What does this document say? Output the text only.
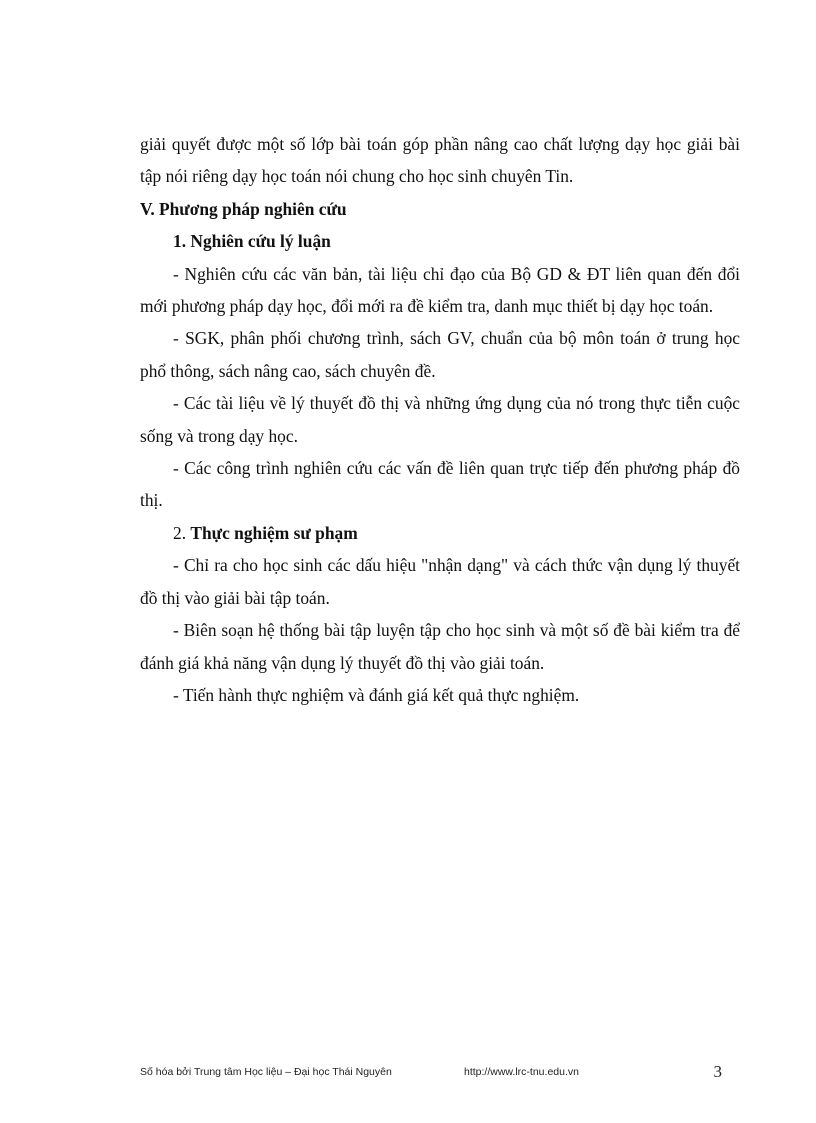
giải quyết được một số lớp bài toán góp phần nâng cao chất lượng dạy học giải bài tập nói riêng dạy học toán nói chung cho học sinh chuyên Tin.

V. Phương pháp nghiên cứu

1. Nghiên cứu lý luận

- Nghiên cứu các văn bản, tài liệu chỉ đạo của Bộ GD & ĐT liên quan đến đổi mới phương pháp dạy học, đổi mới ra đề kiểm tra, danh mục thiết bị dạy học toán.

- SGK, phân phối chương trình, sách GV, chuẩn của bộ môn toán ở trung học phổ thông, sách nâng cao, sách chuyên đề.

- Các tài liệu về lý thuyết đồ thị và những ứng dụng của nó trong thực tiễn cuộc sống và trong dạy học.

- Các công trình nghiên cứu các vấn đề liên quan trực tiếp đến phương pháp đồ thị.

2. Thực nghiệm sư phạm

- Chỉ ra cho học sinh các dấu hiệu "nhận dạng" và cách thức vận dụng lý thuyết đồ thị vào giải bài tập toán.

- Biên soạn hệ thống bài tập luyện tập cho học sinh và một số đề bài kiểm tra để đánh giá khả năng vận dụng lý thuyết đồ thị vào giải toán.

- Tiến hành thực nghiệm và đánh giá kết quả thực nghiệm.

Số hóa bởi Trung tâm Học liệu – Đại học Thái Nguyên	http://www.lrc-tnu.edu.vn	3
